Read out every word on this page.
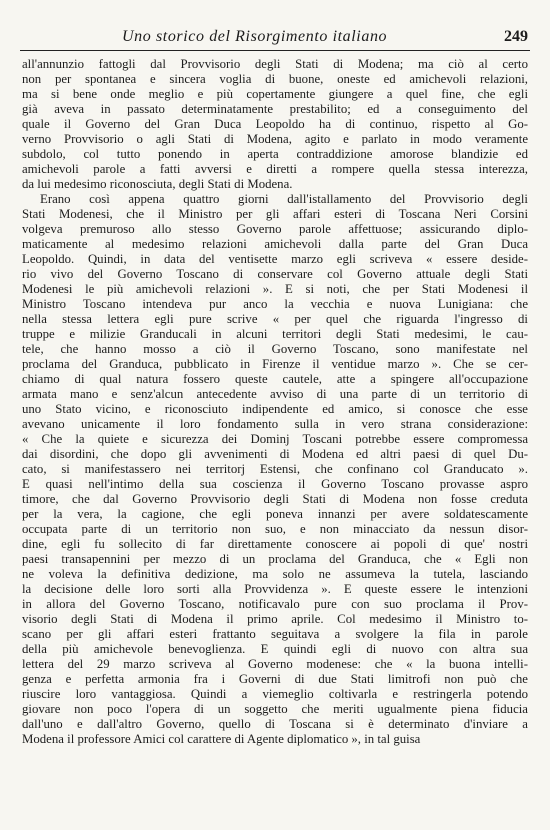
Uno storico del Risorgimento italiano	249
all'annunzio fattogli dal Provvisorio degli Stati di Modena; ma ciò al certo
non per spontanea e sincera voglia di buone, oneste ed amichevoli relazioni,
ma si bene onde meglio e più copertamente giungere a quel fine, che egli
già aveva in passato determinatamente prestabilito; ed a conseguimento del
quale il Governo del Gran Duca Leopoldo ha di continuo, rispetto al Go-
verno Provvisorio o agli Stati di Modena, agito e parlato in modo veramente
subdolo, col tutto ponendo in aperta contraddizione amorose blandizie ed
amichevoli parole a fatti avversi e diretti a rompere quella stessa interezza,
da lui medesimo riconosciuta, degli Stati di Modena.
Erano così appena quattro giorni dall'istallamento del Provvisorio degli
Stati Modenesi, che il Ministro per gli affari esteri di Toscana Neri Corsini
volgeva premuroso allo stesso Governo parole affettuose; assicurando diplo-
maticamente al medesimo relazioni amichevoli dalla parte del Gran Duca
Leopoldo. Quindi, in data del ventisette marzo egli scriveva « essere deside-
rio vivo del Governo Toscano di conservare col Governo attuale degli Stati
Modenesi le più amichevoli relazioni ». E si noti, che per Stati Modenesi il
Ministro Toscano intendeva pur anco la vecchia e nuova Lunigiana: che
nella stessa lettera egli pure scrive « per quel che riguarda l'ingresso di
truppe e milizie Granducali in alcuni territori degli Stati medesimi, le cau-
tele, che hanno mosso a ciò il Governo Toscano, sono manifestate nel
proclama del Granduca, pubblicato in Firenze il ventidue marzo ». Che se cer-
chiamo di qual natura fossero queste cautele, atte a spingere all'occupazione
armata mano e senz'alcun antecedente avviso di una parte di un territorio di
uno Stato vicino, e riconosciuto indipendente ed amico, si conosce che esse
avevano unicamente il loro fondamento sulla in vero strana considerazione:
« Che la quiete e sicurezza dei Dominj Toscani potrebbe essere compromessa
dai disordini, che dopo gli avvenimenti di Modena ed altri paesi di quel Du-
cato, si manifestassero nei territorj Estensi, che confinano col Granducato ».
E quasi nell'intimo della sua coscienza il Governo Toscano provasse aspro
timore, che dal Governo Provvisorio degli Stati di Modena non fosse creduta
per la vera, la cagione, che egli poneva innanzi per avere soldatescamente
occupata parte di un territorio non suo, e non minacciato da nessun disor-
dine, egli fu sollecito di far direttamente conoscere ai popoli di que' nostri
paesi transapennini per mezzo di un proclama del Granduca, che « Egli non
ne voleva la definitiva dedizione, ma solo ne assumeva la tutela, lasciando
la decisione delle loro sorti alla Provvidenza ». E queste essere le intenzioni
in allora del Governo Toscano, notificavalo pure con suo proclama il Prov-
visorio degli Stati di Modena il primo aprile. Col medesimo il Ministro to-
scano per gli affari esteri frattanto seguitava a svolgere la fila in parole
della più amichevole benevoglienza. E quindi egli di nuovo con altra sua
lettera del 29 marzo scriveva al Governo modenese: che « la buona intelli-
genza e perfetta armonia fra i Governi di due Stati limitrofi non può che
riuscire loro vantaggiosa. Quindi a viemeglio coltivarla e restringerla potendo
giovare non poco l'opera di un soggetto che meriti ugualmente piena fiducia
dall'uno e dall'altro Governo, quello di Toscana si è determinato d'inviare a
Modena il professore Amici col carattere di Agente diplomatico », in tal guisa
